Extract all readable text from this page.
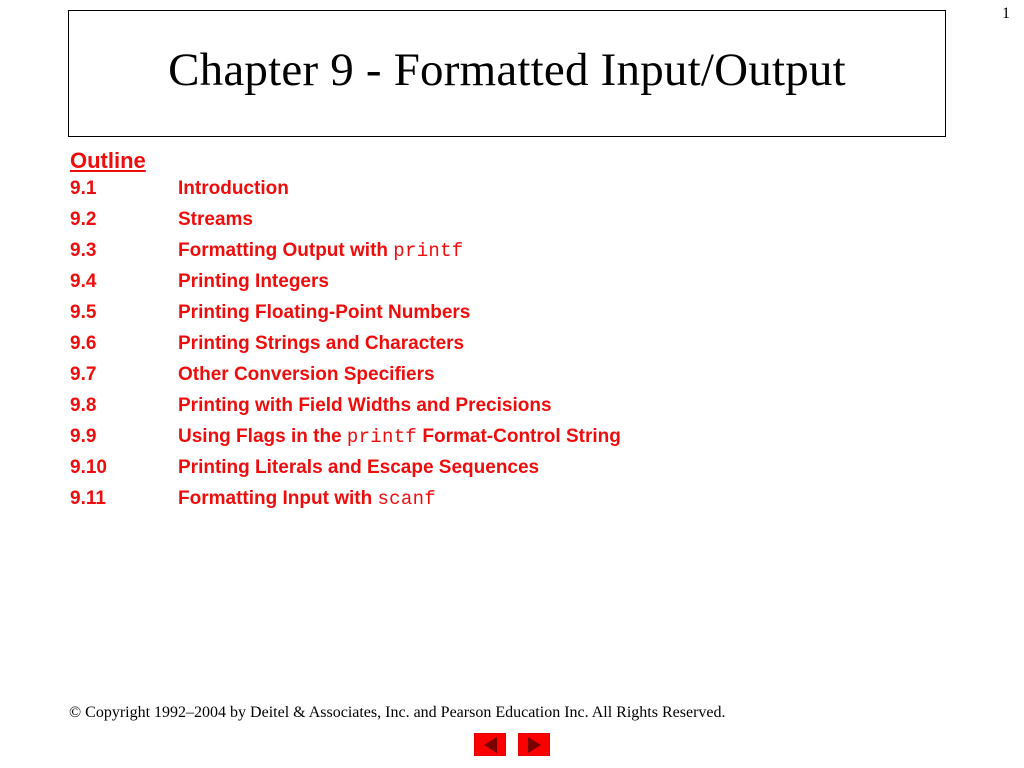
1
Chapter 9 - Formatted Input/Output
Outline
9.1	Introduction
9.2	Streams
9.3	Formatting Output with printf
9.4	Printing Integers
9.5	Printing Floating-Point Numbers
9.6	Printing Strings and Characters
9.7	Other Conversion Specifiers
9.8	Printing with Field Widths and Precisions
9.9	Using Flags in the printf Format-Control String
9.10	Printing Literals and Escape Sequences
9.11	Formatting Input with scanf
© Copyright 1992–2004 by Deitel & Associates, Inc. and Pearson Education Inc. All Rights Reserved.
